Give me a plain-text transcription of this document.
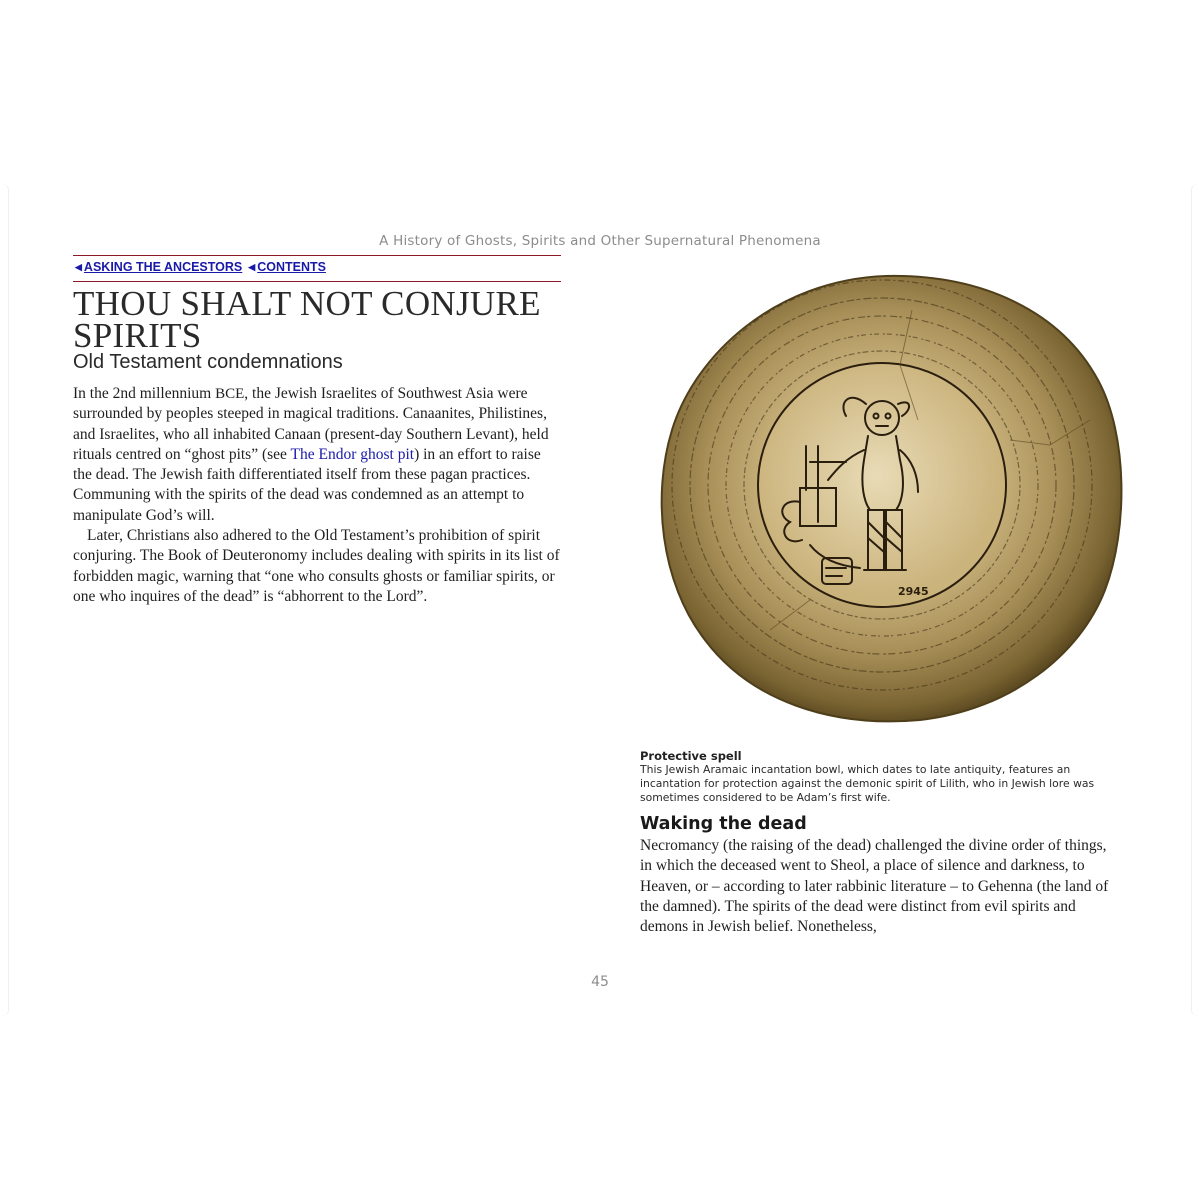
A History of Ghosts, Spirits and Other Supernatural Phenomena
◀ ASKING THE ANCESTORS ◀ CONTENTS
THOU SHALT NOT CONJURE SPIRITS
Old Testament condemnations

In the 2nd millennium BCE, the Jewish Israelites of Southwest Asia were surrounded by peoples steeped in magical traditions. Canaanites, Philistines, and Israelites, who all inhabited Canaan (present-day Southern Levant), held rituals centred on “ghost pits” (see The Endor ghost pit) in an effort to raise the dead. The Jewish faith differentiated itself from these pagan practices. Communing with the spirits of the dead was condemned as an attempt to manipulate God’s will.

Later, Christians also adhered to the Old Testament’s prohibition of spirit conjuring. The Book of Deuteronomy includes dealing with spirits in its list of forbidden magic, warning that “one who consults ghosts or familiar spirits, or one who inquires of the dead” is “abhorrent to the Lord”.	2945
Protective spell
This Jewish Aramaic incantation bowl, which dates to late antiquity, features an incantation for protection against the demonic spirit of Lilith, who in Jewish lore was sometimes considered to be Adam’s first wife.
Waking the dead
Necromancy (the raising of the dead) challenged the divine order of things, in which the deceased went to Sheol, a place of silence and darkness, to Heaven, or – according to later rabbinic literature – to Gehenna (the land of the damned). The spirits of the dead were distinct from evil spirits and demons in Jewish belief. Nonetheless,
45
